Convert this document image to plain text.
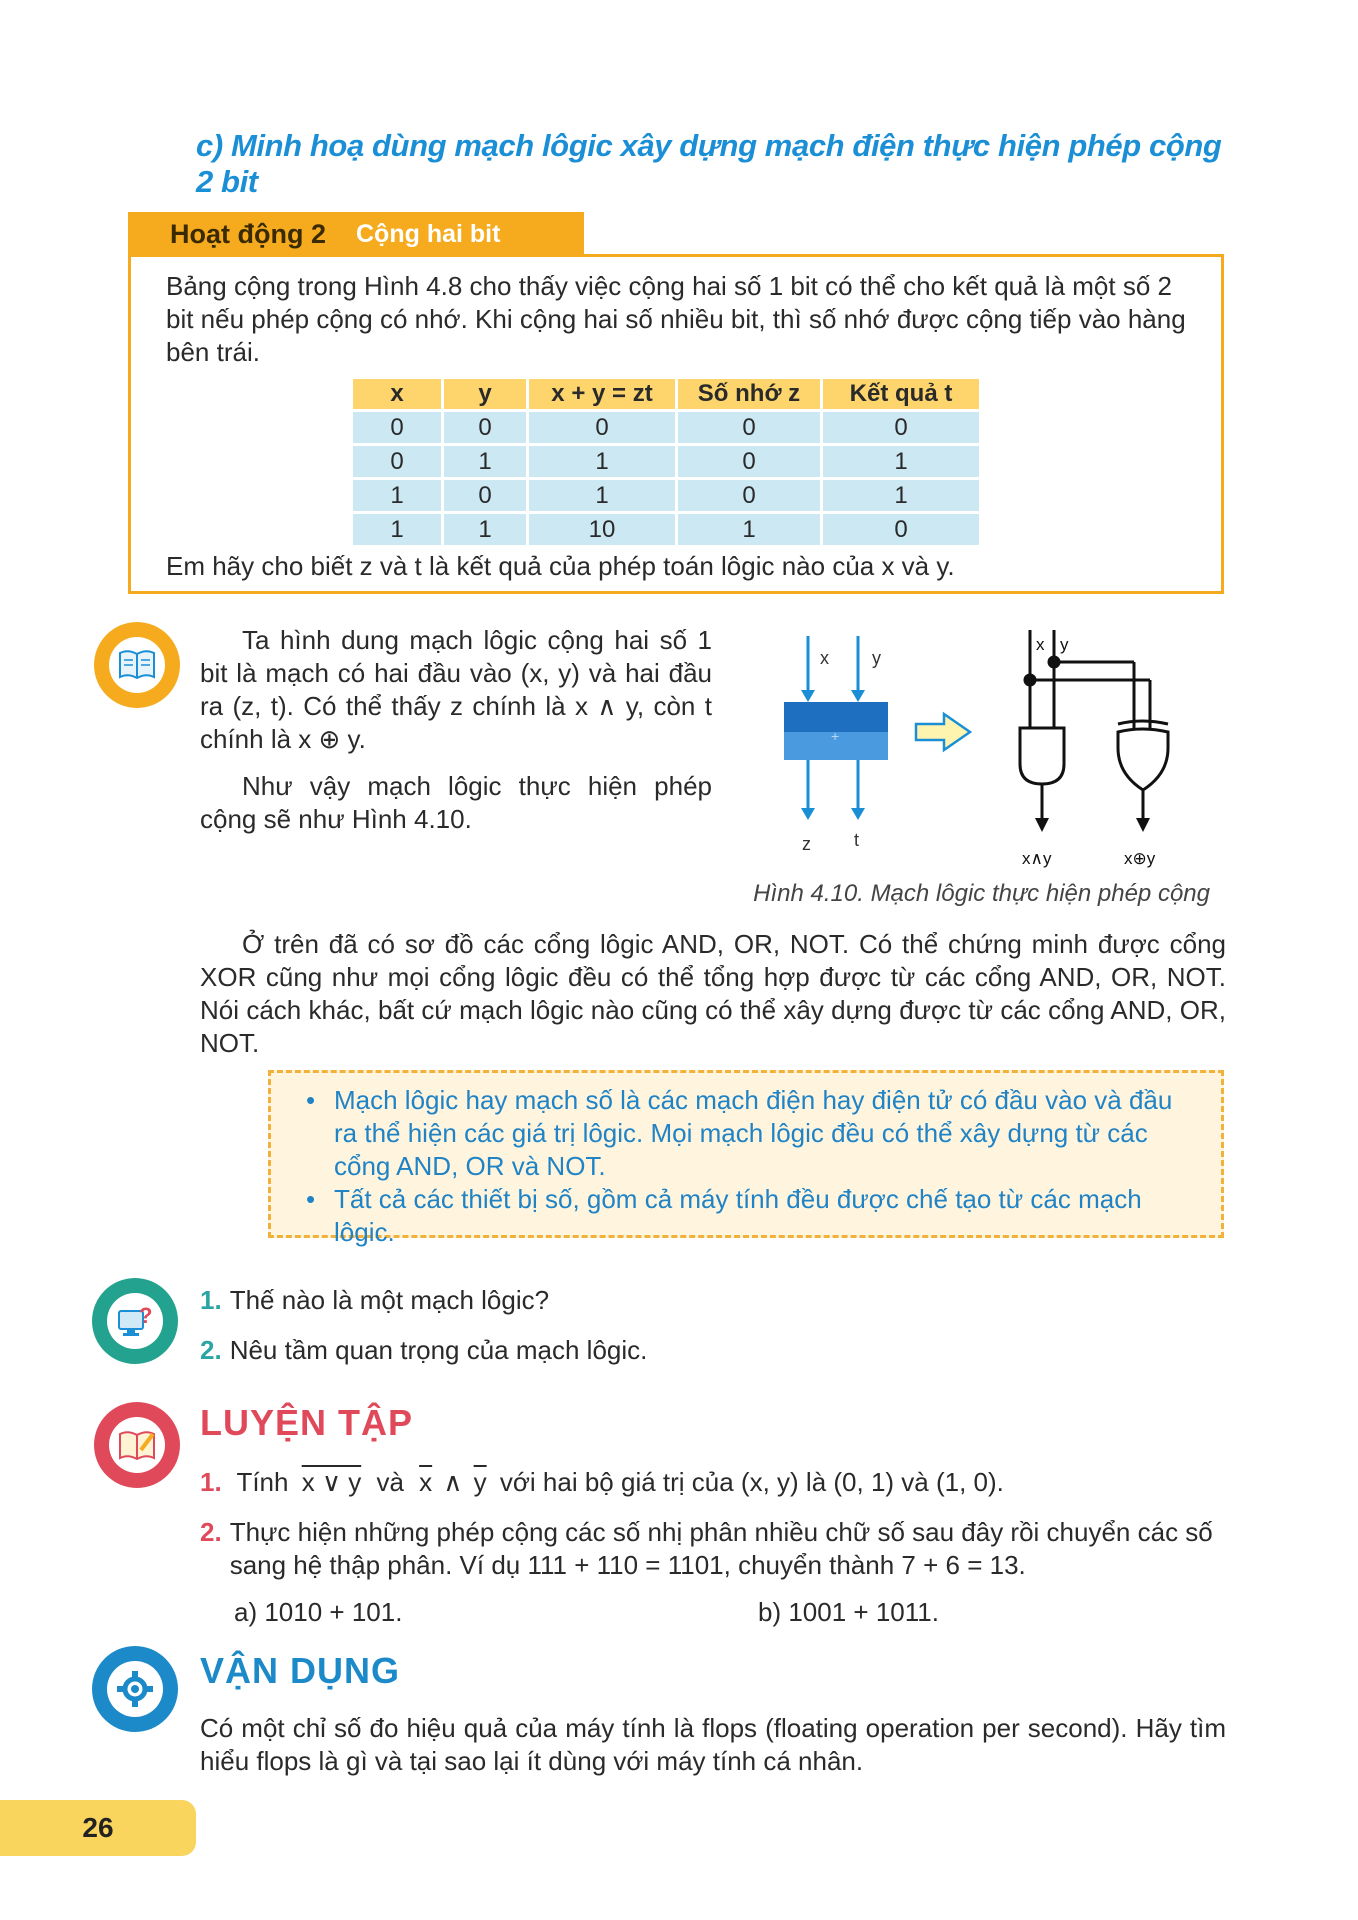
c) Minh hoạ dùng mạch lôgic xây dựng mạch điện thực hiện phép cộng 2 bit
Hoạt động 2 Cộng hai bit
Bảng cộng trong Hình 4.8 cho thấy việc cộng hai số 1 bit có thể cho kết quả là một số 2 bit nếu phép cộng có nhớ. Khi cộng hai số nhiều bit, thì số nhớ được cộng tiếp vào hàng bên trái.
x	y	x + y = zt	Số nhớ z	Kết quả t
0	0	0	0	0
0	1	1	0	1
1	0	1	0	1
1	1	10	1	0
Em hãy cho biết z và t là kết quả của phép toán lôgic nào của x và y.
Ta hình dung mạch lôgic cộng hai số 1 bit là mạch có hai đầu vào (x, y) và hai đầu ra (z, t). Có thể thấy z chính là x ∧ y, còn t chính là x ⊕ y.
Như vậy mạch lôgic thực hiện phép cộng sẽ như Hình 4.10.
x y
+
z t
x y
x∧y	x⊕y
Hình 4.10. Mạch lôgic thực hiện phép cộng
Ở trên đã có sơ đồ các cổng lôgic AND, OR, NOT. Có thể chứng minh được cổng XOR cũng như mọi cổng lôgic đều có thể tổng hợp được từ các cổng AND, OR, NOT. Nói cách khác, bất cứ mạch lôgic nào cũng có thể xây dựng được từ các cổng AND, OR, NOT.
• Mạch lôgic hay mạch số là các mạch điện hay điện tử có đầu vào và đầu ra thể hiện các giá trị lôgic. Mọi mạch lôgic đều có thể xây dựng từ các cổng AND, OR và NOT.
• Tất cả các thiết bị số, gồm cả máy tính đều được chế tạo từ các mạch lôgic.
?
1. Thế nào là một mạch lôgic?
2. Nêu tầm quan trọng của mạch lôgic.
LUYỆN TẬP
1. Tính x ∨ y và $\overline{x}$ ∧ $\overline{y}$ với hai bộ giá trị của (x, y) là (0, 1) và (1, 0).
2. Thực hiện những phép cộng các số nhị phân nhiều chữ số sau đây rồi chuyển các số sang hệ thập phân. Ví dụ 111 + 110 = 1101, chuyển thành 7 + 6 = 13.
a) 1010 + 101.	b) 1001 + 1011.
VẬN DỤNG
Có một chỉ số đo hiệu quả của máy tính là flops (floating operation per second). Hãy tìm hiểu flops là gì và tại sao lại ít dùng với máy tính cá nhân.
26
